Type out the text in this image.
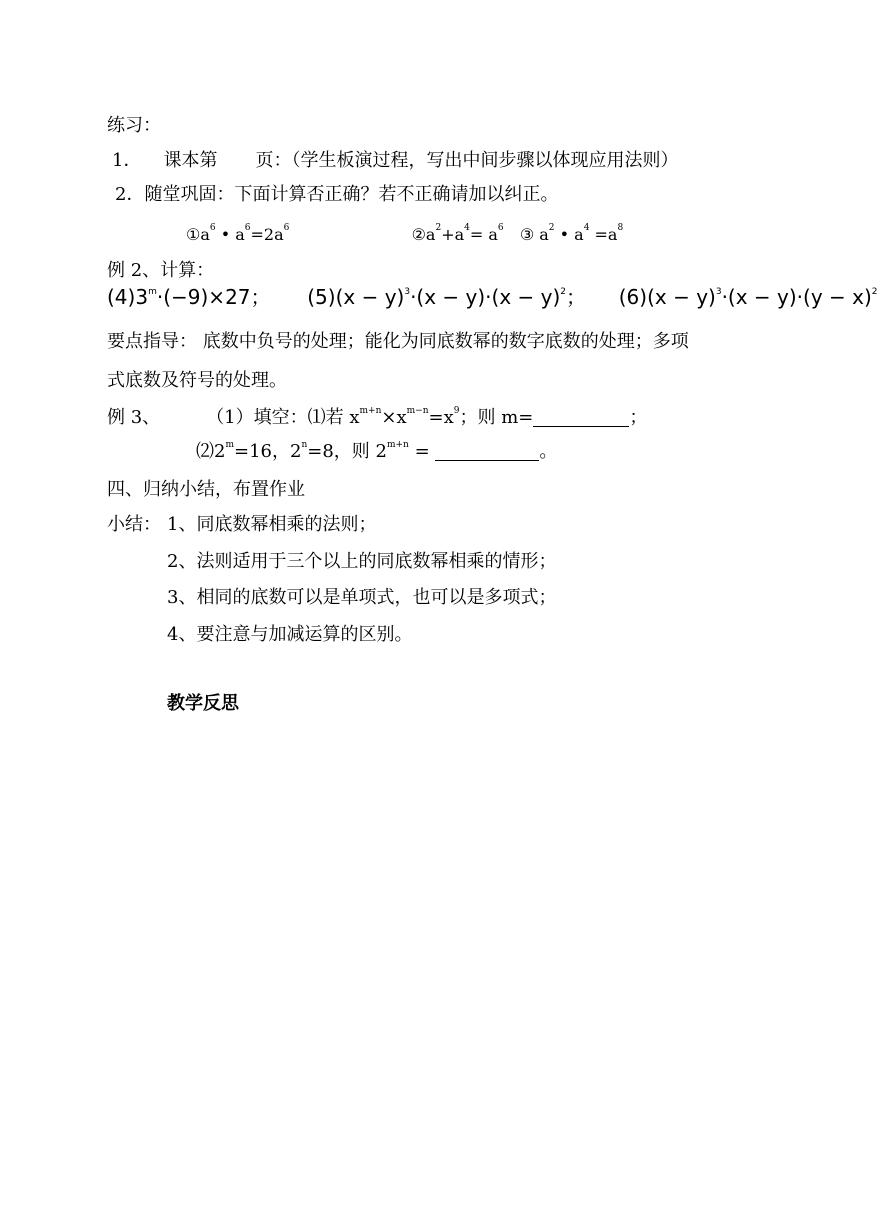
练习：
1． 课本第 页：（学生板演过程，写出中间步骤以体现应用法则）
2．随堂巩固：下面计算否正确？若不正确请加以纠正。
$①a^6$ • $a^6=2a^6$	$②a^2+a^4= a^6$ ③ $a^2$ • $a^4 =a^8$
例 2、计算：
$(4)3^m\cdot(-9)\times 27$； $(5)(x - y)^3\cdot(x - y)\cdot(x - y)^2$； $(6)(x - y)^3\cdot(x - y)\cdot(y - x)^2$
要点指导： 底数中负号的处理；能化为同底数幂的数字底数的处理；多项
式底数及符号的处理。
例 3、	（1）填空：⑴若 $x^{m+n}\times x^{m-n}=x^9$；则 m=	；
$⑵2^m=16$，$2^n=8$，则 $2^{m+n}$ =	。
四、归纳小结，布置作业
小结： 1、同底数幂相乘的法则；
2、法则适用于三个以上的同底数幂相乘的情形；
3、相同的底数可以是单项式，也可以是多项式；
4、要注意与加减运算的区别。
教学反思
